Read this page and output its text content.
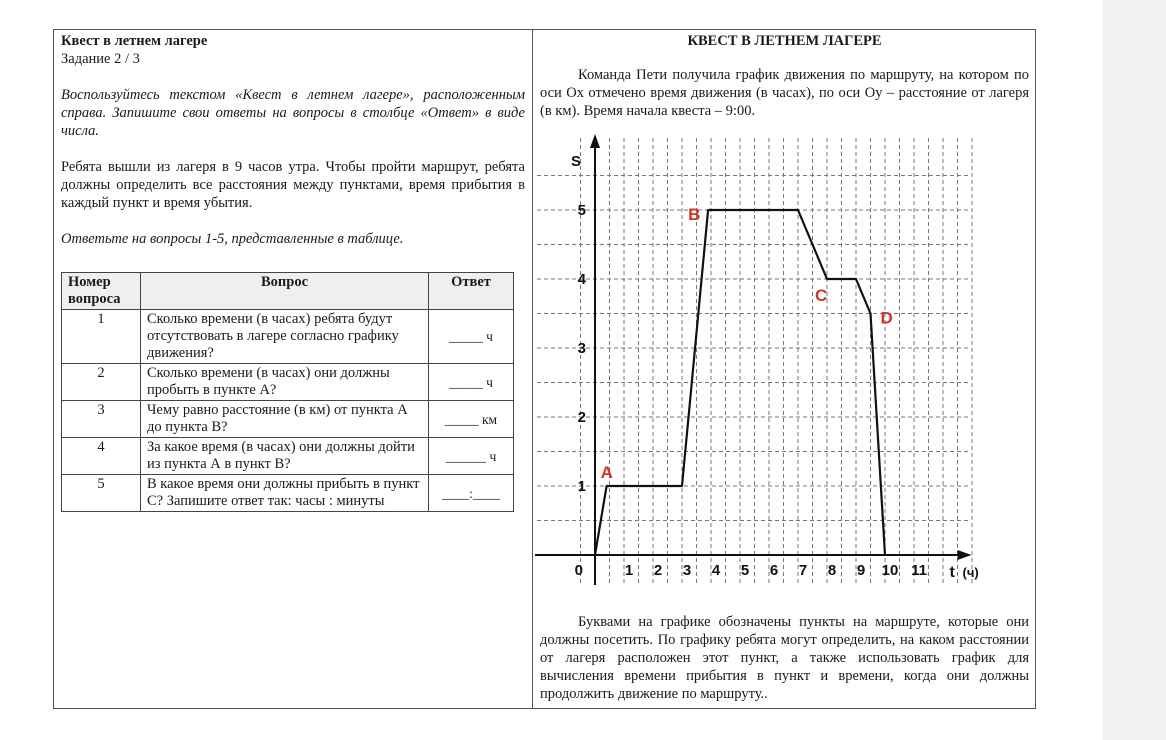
Квест в летнем лагере
Задание 2 / 3

Воспользуйтесь текстом «Квест в летнем лагере», расположенным справа. Запишите свои ответы на вопросы в столбце «Ответ» в виде числа.

Ребята вышли из лагеря в 9 часов утра. Чтобы пройти маршрут, ребята должны определить все расстояния между пунктами, время прибытия в каждый пункт и время убытия.

Ответьте на вопросы 1-5, представленные в таблице.

Номер вопроса	Вопрос	Ответ
1	Сколько времени (в часах) ребята будут отсутствовать в лагере согласно графику движения?	_____ ч
2	Сколько времени (в часах) они должны пробыть в пункте А?	_____ ч
3	Чему равно расстояние (в км) от пункта А до пункта В?	_____ км
4	За какое время (в часах) они должны дойти из пункта А в пункт В?	______ ч
5	В какое время они должны прибыть в пункт С? Запишите ответ так: часы : минуты	____:____
КВЕСТ В ЛЕТНЕМ ЛАГЕРЕ

Команда Пети получила график движения по маршруту, на котором по оси Ох отмечено время движения (в часах), по оси Оу – расстояние от лагеря (в км). Время начала квеста – 9:00.

1 2 3 4 5 6 7 8 9 10 11
1
2
3
4
5
0
S
t (ч)
A
B
C
D

Буквами на графике обозначены пункты на маршруте, которые они должны посетить. По графику ребята могут определить, на каком расстоянии от лагеря расположен этот пункт, а также использовать график для вычисления времени прибытия в пункт и времени, когда они должны продолжить движение по маршруту..
